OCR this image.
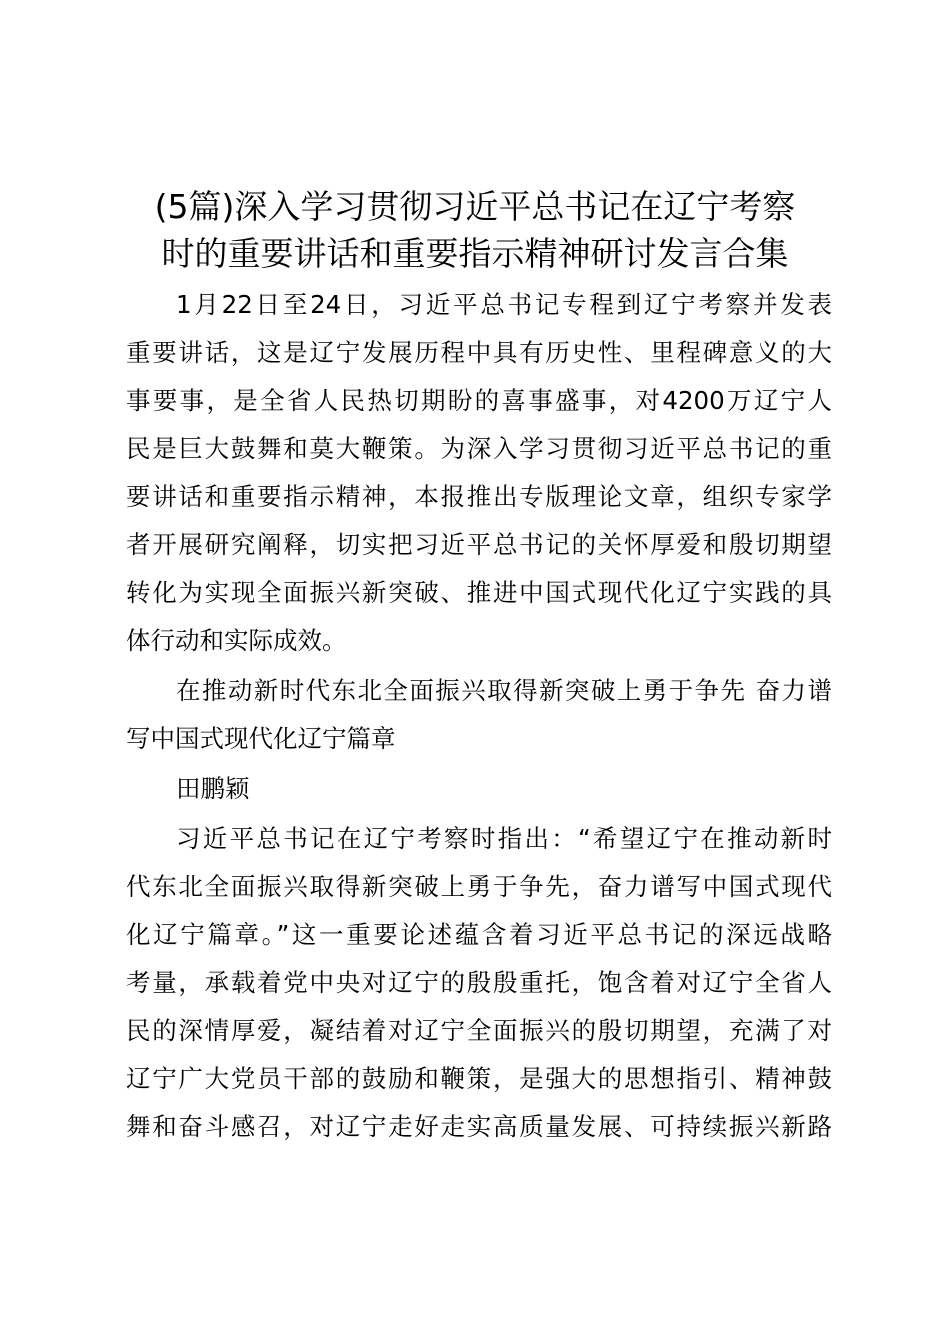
(5篇)深入学习贯彻习近平总书记在辽宁考察
时的重要讲话和重要指示精神研讨发言合集
1月22日至24日，习近平总书记专程到辽宁考察并发表
重要讲话，这是辽宁发展历程中具有历史性、里程碑意义的大
事要事，是全省人民热切期盼的喜事盛事，对4200万辽宁人
民是巨大鼓舞和莫大鞭策。为深入学习贯彻习近平总书记的重
要讲话和重要指示精神，本报推出专版理论文章，组织专家学
者开展研究阐释，切实把习近平总书记的关怀厚爱和殷切期望
转化为实现全面振兴新突破、推进中国式现代化辽宁实践的具
体行动和实际成效。
在推动新时代东北全面振兴取得新突破上勇于争先 奋力谱
写中国式现代化辽宁篇章
田鹏颖
习近平总书记在辽宁考察时指出：“希望辽宁在推动新时
代东北全面振兴取得新突破上勇于争先，奋力谱写中国式现代
化辽宁篇章。”这一重要论述蕴含着习近平总书记的深远战略
考量，承载着党中央对辽宁的殷殷重托，饱含着对辽宁全省人
民的深情厚爱，凝结着对辽宁全面振兴的殷切期望，充满了对
辽宁广大党员干部的鼓励和鞭策，是强大的思想指引、精神鼓
舞和奋斗感召，对辽宁走好走实高质量发展、可持续振兴新路
